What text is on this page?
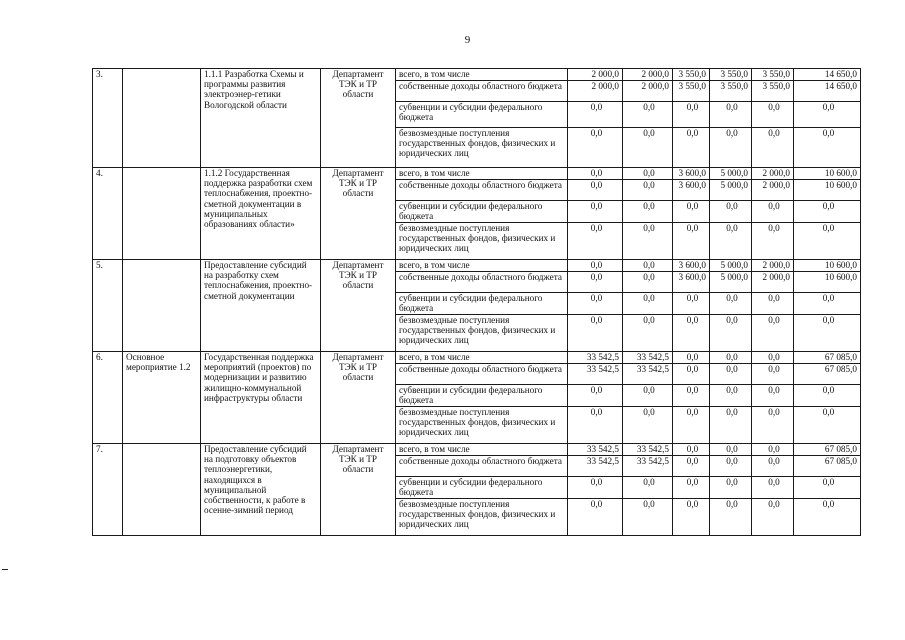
9
3.		1.1.1 Разработка Схемы и программы развития электроэнер-гетики Вологодской области	Департамент ТЭК и ТР области	всего, в том числе	2 000,0	2 000,0	3 550,0	3 550,0	3 550,0	14 650,0
				собственные доходы областного бюджета	2 000,0	2 000,0	3 550,0	3 550,0	3 550,0	14 650,0
				субвенции и субсидии федерального бюджета	0,0	0,0	0,0	0,0	0,0	0,0
				безвозмездные поступления государственных фондов, физических и юридических лиц	0,0	0,0	0,0	0,0	0,0	0,0
4.		1.1.2 Государственная поддержка разработки схем теплоснабжения, проектно-сметной документации в муниципальных образованиях области»	Департамент ТЭК и ТР области	всего, в том числе	0,0	0,0	3 600,0	5 000,0	2 000,0	10 600,0
				собственные доходы областного бюджета	0,0	0,0	3 600,0	5 000,0	2 000,0	10 600,0
				субвенции и субсидии федерального бюджета	0,0	0,0	0,0	0,0	0,0	0,0
				безвозмездные поступления государственных фондов, физических и юридических лиц	0,0	0,0	0,0	0,0	0,0	0,0
5.		Предоставление субсидий на разработку схем теплоснабжения, проектно-сметной документации	Департамент ТЭК и ТР области	всего, в том числе	0,0	0,0	3 600,0	5 000,0	2 000,0	10 600,0
				собственные доходы областного бюджета	0,0	0,0	3 600,0	5 000,0	2 000,0	10 600,0
				субвенции и субсидии федерального бюджета	0,0	0,0	0,0	0,0	0,0	0,0
				безвозмездные поступления государственных фондов, физических и юридических лиц	0,0	0,0	0,0	0,0	0,0	0,0
6.	Основное мероприятие 1.2	Государственная поддержка мероприятий (проектов) по модернизации и развитию жилищно-коммунальной инфраструктуры области	Департамент ТЭК и ТР области	всего, в том числе	33 542,5	33 542,5	0,0	0,0	0,0	67 085,0
				собственные доходы областного бюджета	33 542,5	33 542,5	0,0	0,0	0,0	67 085,0
				субвенции и субсидии федерального бюджета	0,0	0,0	0,0	0,0	0,0	0,0
				безвозмездные поступления государственных фондов, физических и юридических лиц	0,0	0,0	0,0	0,0	0,0	0,0
7.		Предоставление субсидий на подготовку объектов теплоэнергетики, находящихся в муниципальной собственности, к работе в осенне-зимний период	Департамент ТЭК и ТР области	всего, в том числе	33 542,5	33 542,5	0,0	0,0	0,0	67 085,0
				собственные доходы областного бюджета	33 542,5	33 542,5	0,0	0,0	0,0	67 085,0
				субвенции и субсидии федерального бюджета	0,0	0,0	0,0	0,0	0,0	0,0
				безвозмездные поступления государственных фондов, физических и юридических лиц	0,0	0,0	0,0	0,0	0,0	0,0
